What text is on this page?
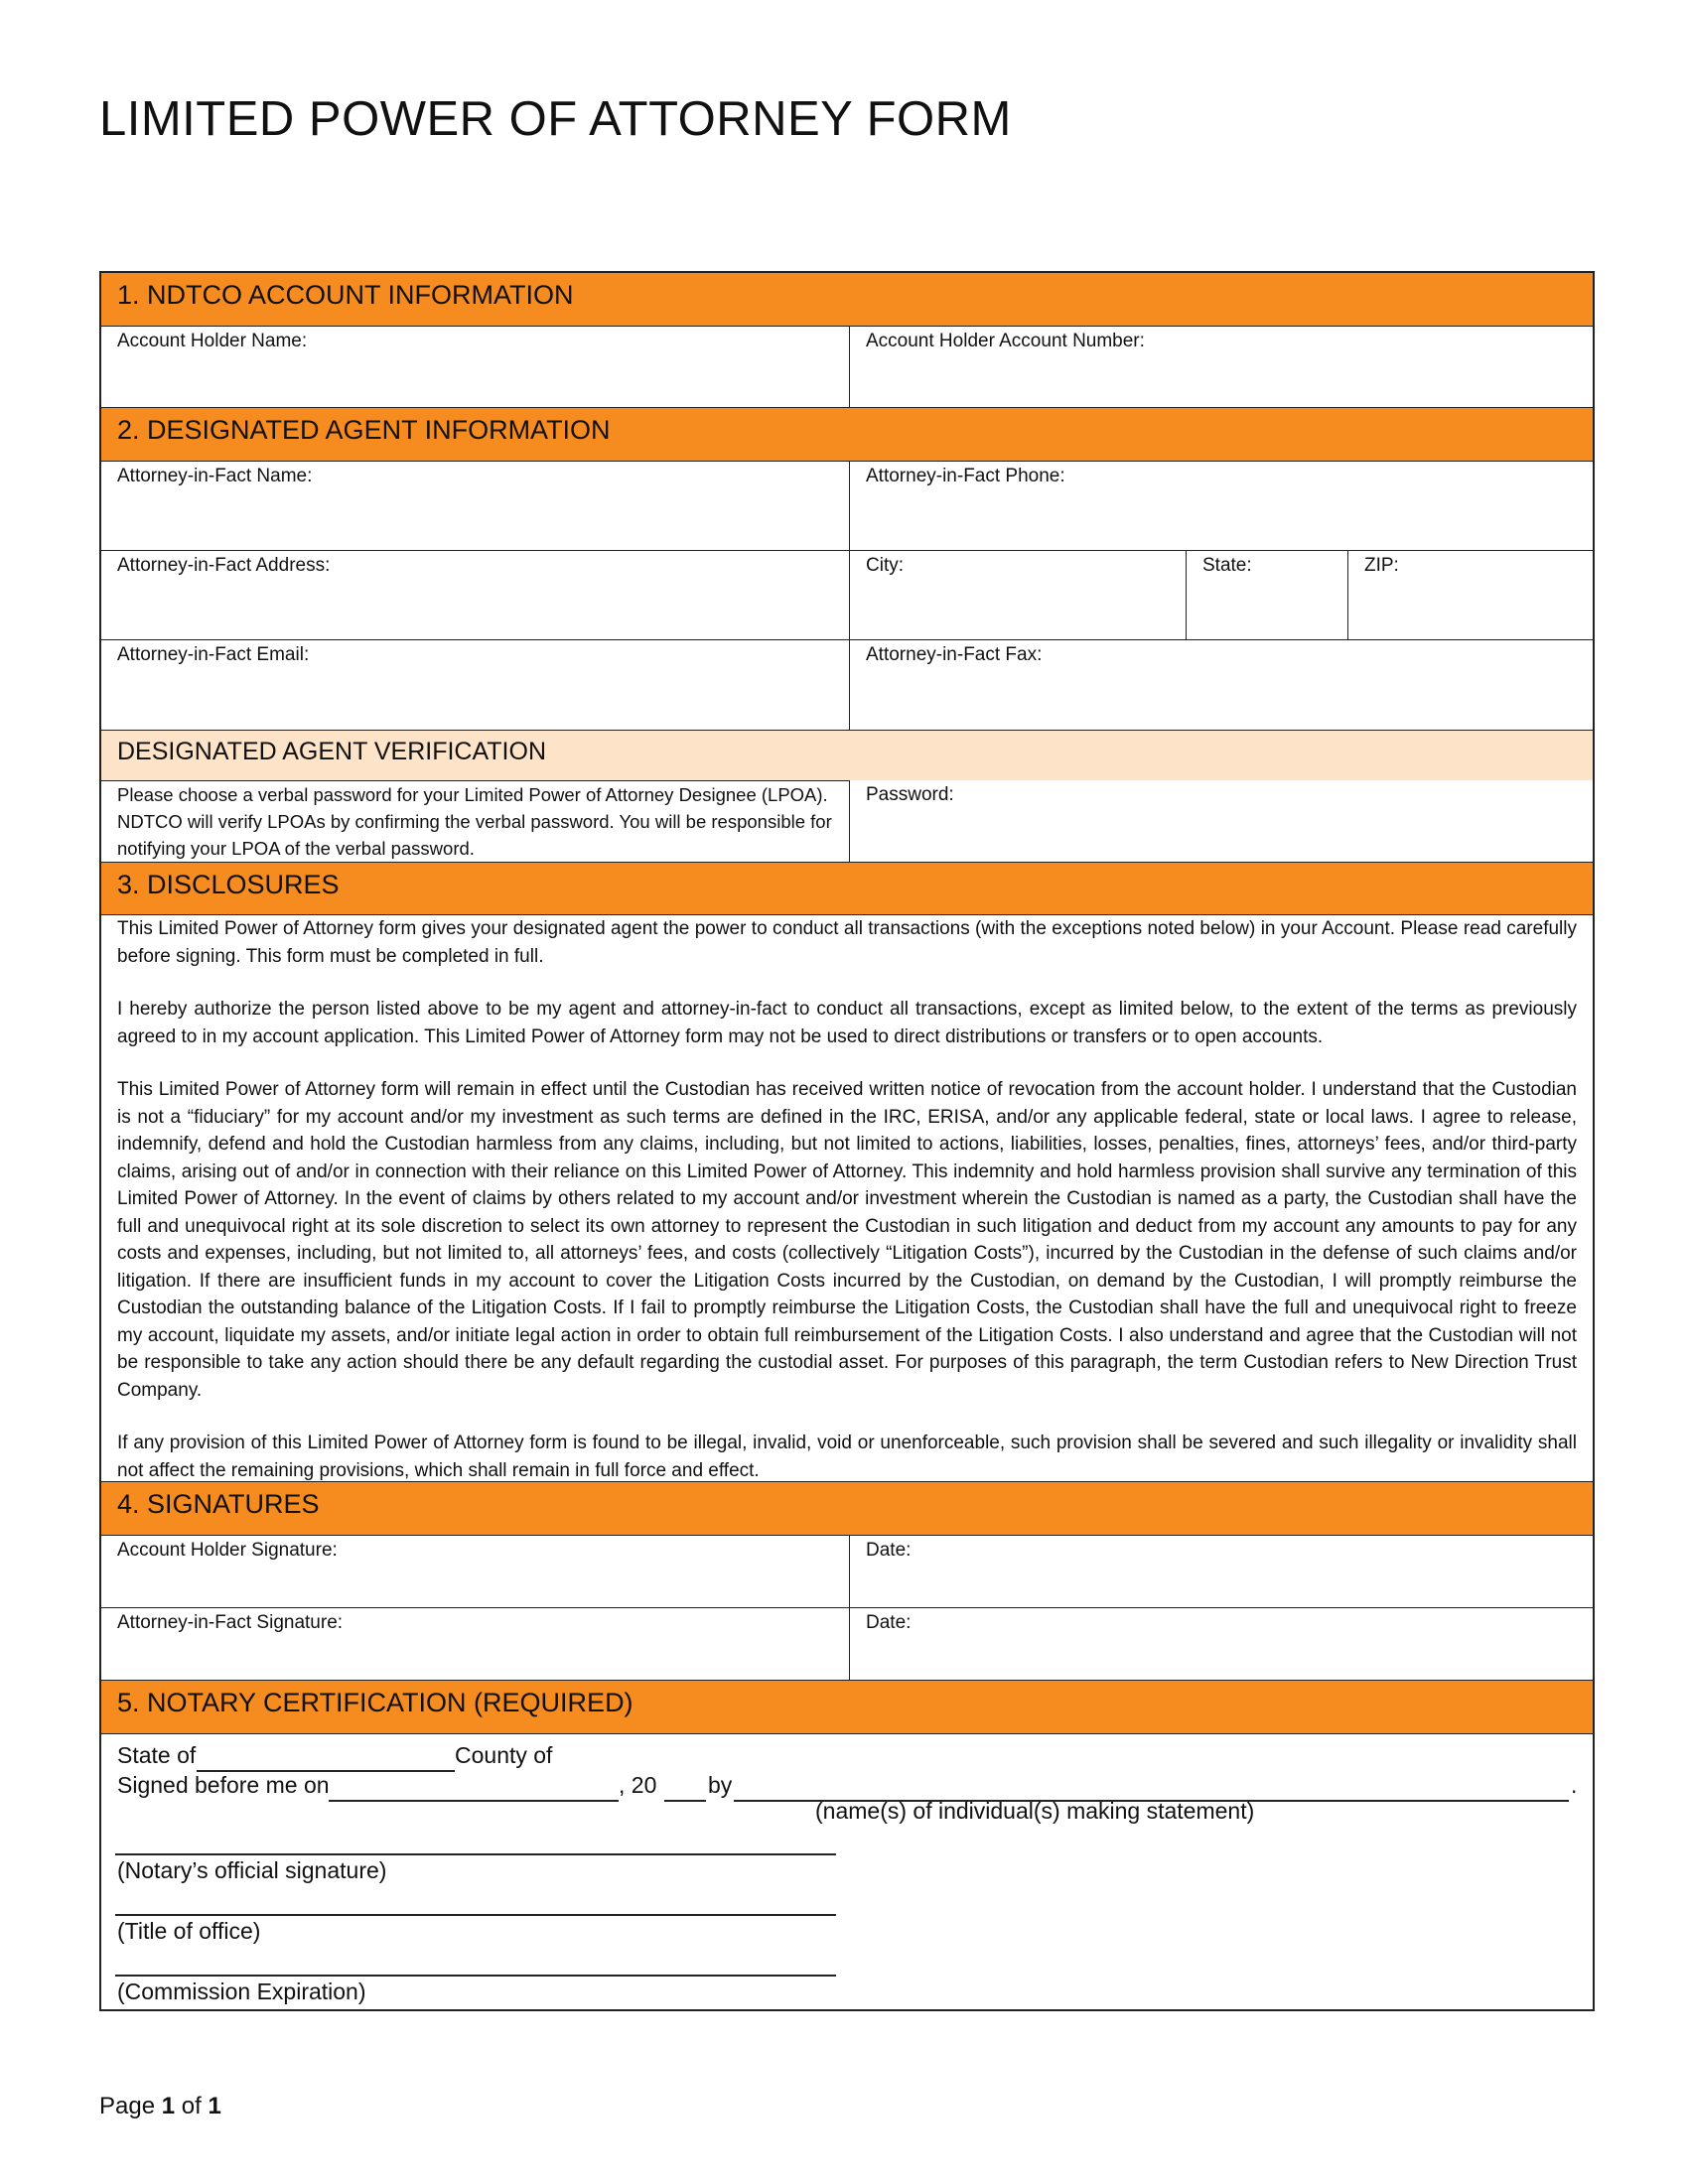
LIMITED POWER OF ATTORNEY FORM
1. NDTCO ACCOUNT INFORMATION
Account Holder Name:	Account Holder Account Number:
2. DESIGNATED AGENT INFORMATION
Attorney-in-Fact Name:	Attorney-in-Fact Phone:
Attorney-in-Fact Address:	City:	State:	ZIP:
Attorney-in-Fact Email:	Attorney-in-Fact Fax:
DESIGNATED AGENT VERIFICATION
Please choose a verbal password for your Limited Power of Attorney Designee (LPOA). NDTCO will verify LPOAs by confirming the verbal password. You will be responsible for notifying your LPOA of the verbal password.
Password:
3. DISCLOSURES

This Limited Power of Attorney form gives your designated agent the power to conduct all transactions (with the exceptions noted below) in your Account. Please read carefully before signing. This form must be completed in full.

I hereby authorize the person listed above to be my agent and attorney-in-fact to conduct all transactions, except as limited below, to the extent of the terms as previously agreed to in my account application. This Limited Power of Attorney form may not be used to direct distributions or transfers or to open accounts.

This Limited Power of Attorney form will remain in effect until the Custodian has received written notice of revocation from the account holder. I understand that the Custodian is not a “fiduciary” for my account and/or my investment as such terms are defined in the IRC, ERISA, and/or any applicable federal, state or local laws. I agree to release, indemnify, defend and hold the Custodian harmless from any claims, including, but not limited to actions, liabilities, losses, penalties, fines, attorneys’ fees, and/or third-party claims, arising out of and/or in connection with their reliance on this Limited Power of Attorney. This indemnity and hold harmless provision shall survive any termination of this Limited Power of Attorney. In the event of claims by others related to my account and/or investment wherein the Custodian is named as a party, the Custodian shall have the full and unequivocal right at its sole discretion to select its own attorney to represent the Custodian in such litigation and deduct from my account any amounts to pay for any costs and expenses, including, but not limited to, all attorneys’ fees, and costs (collectively “Litigation Costs”), incurred by the Custodian in the defense of such claims and/or litigation. If there are insufficient funds in my account to cover the Litigation Costs incurred by the Custodian, on demand by the Custodian, I will promptly reimburse the Custodian the outstanding balance of the Litigation Costs. If I fail to promptly reimburse the Litigation Costs, the Custodian shall have the full and unequivocal right to freeze my account, liquidate my assets, and/or initiate legal action in order to obtain full reimbursement of the Litigation Costs. I also understand and agree that the Custodian will not be responsible to take any action should there be any default regarding the custodial asset. For purposes of this paragraph, the term Custodian refers to New Direction Trust Company.

If any provision of this Limited Power of Attorney form is found to be illegal, invalid, void or unenforceable, such provision shall be severed and such illegality or invalidity shall not affect the remaining provisions, which shall remain in full force and effect.

4. SIGNATURES
Account Holder Signature:	Date:
Attorney-in-Fact Signature:	Date:
5. NOTARY CERTIFICATION (REQUIRED)
State of	County of
Signed before me on	, 20 by	.
(name(s) of individual(s) making statement)
(Notary’s official signature)
(Title of office)
(Commission Expiration)
Page 1 of 1
